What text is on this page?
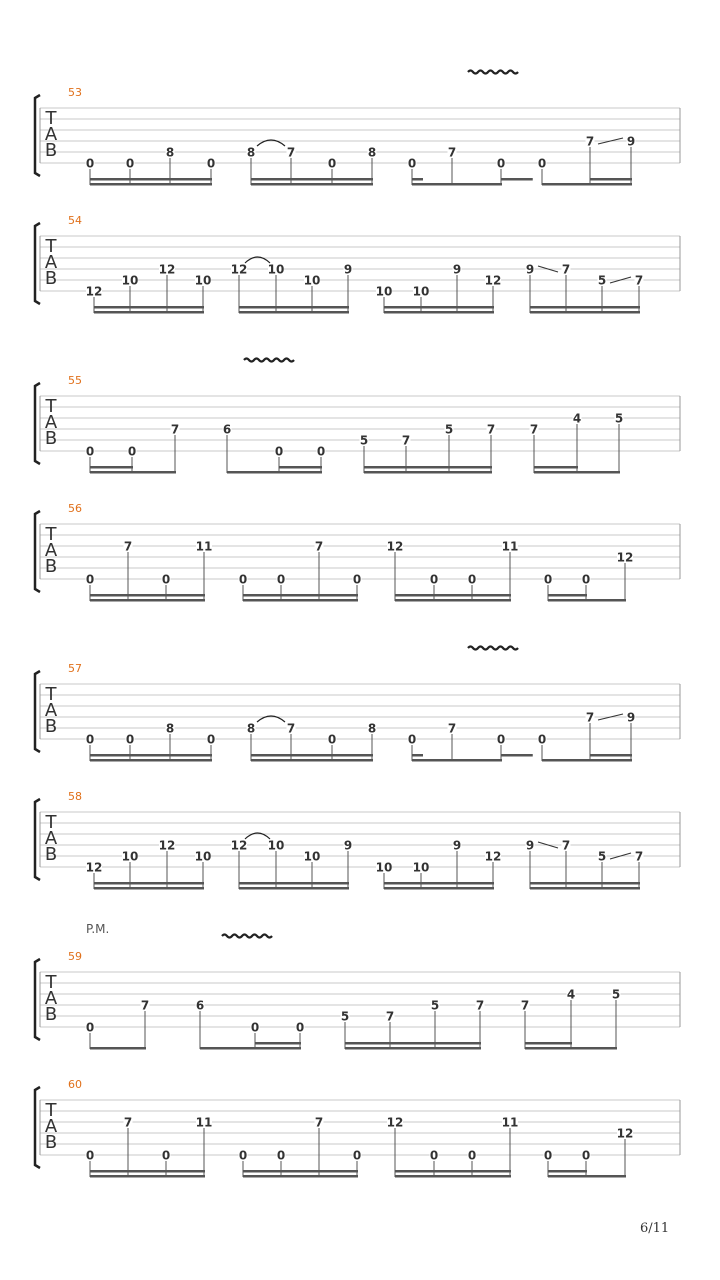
T
A
B
53
0	0
8
0
8	7
0
8
0
7
0	0
7	9
T
A
B
54
12
10
12
10
12 10
10
9
10 10
9
12
9 7
5 7
T
A
B
55
0	0
7	6
0	0
5	7
5	7	7
4	5
T
A
B
56
0
7
0
11
0 0
7
0
12
0 0
11
0 0
12
T
A
B
57
0	0
8
0
8	7
0
8
0
7
0	0
7	9
T
A
B
58
12
10
12
10
12 10
10
9
10 10
9
12
9 7
5 7
T
A
B
59
P.M.
0
7	6
0	0
5	7
5	7	7
4	5
T
A
B
60
0
7
0
11
0 0
7
0
12
0 0
11
0 0
12
6/11
